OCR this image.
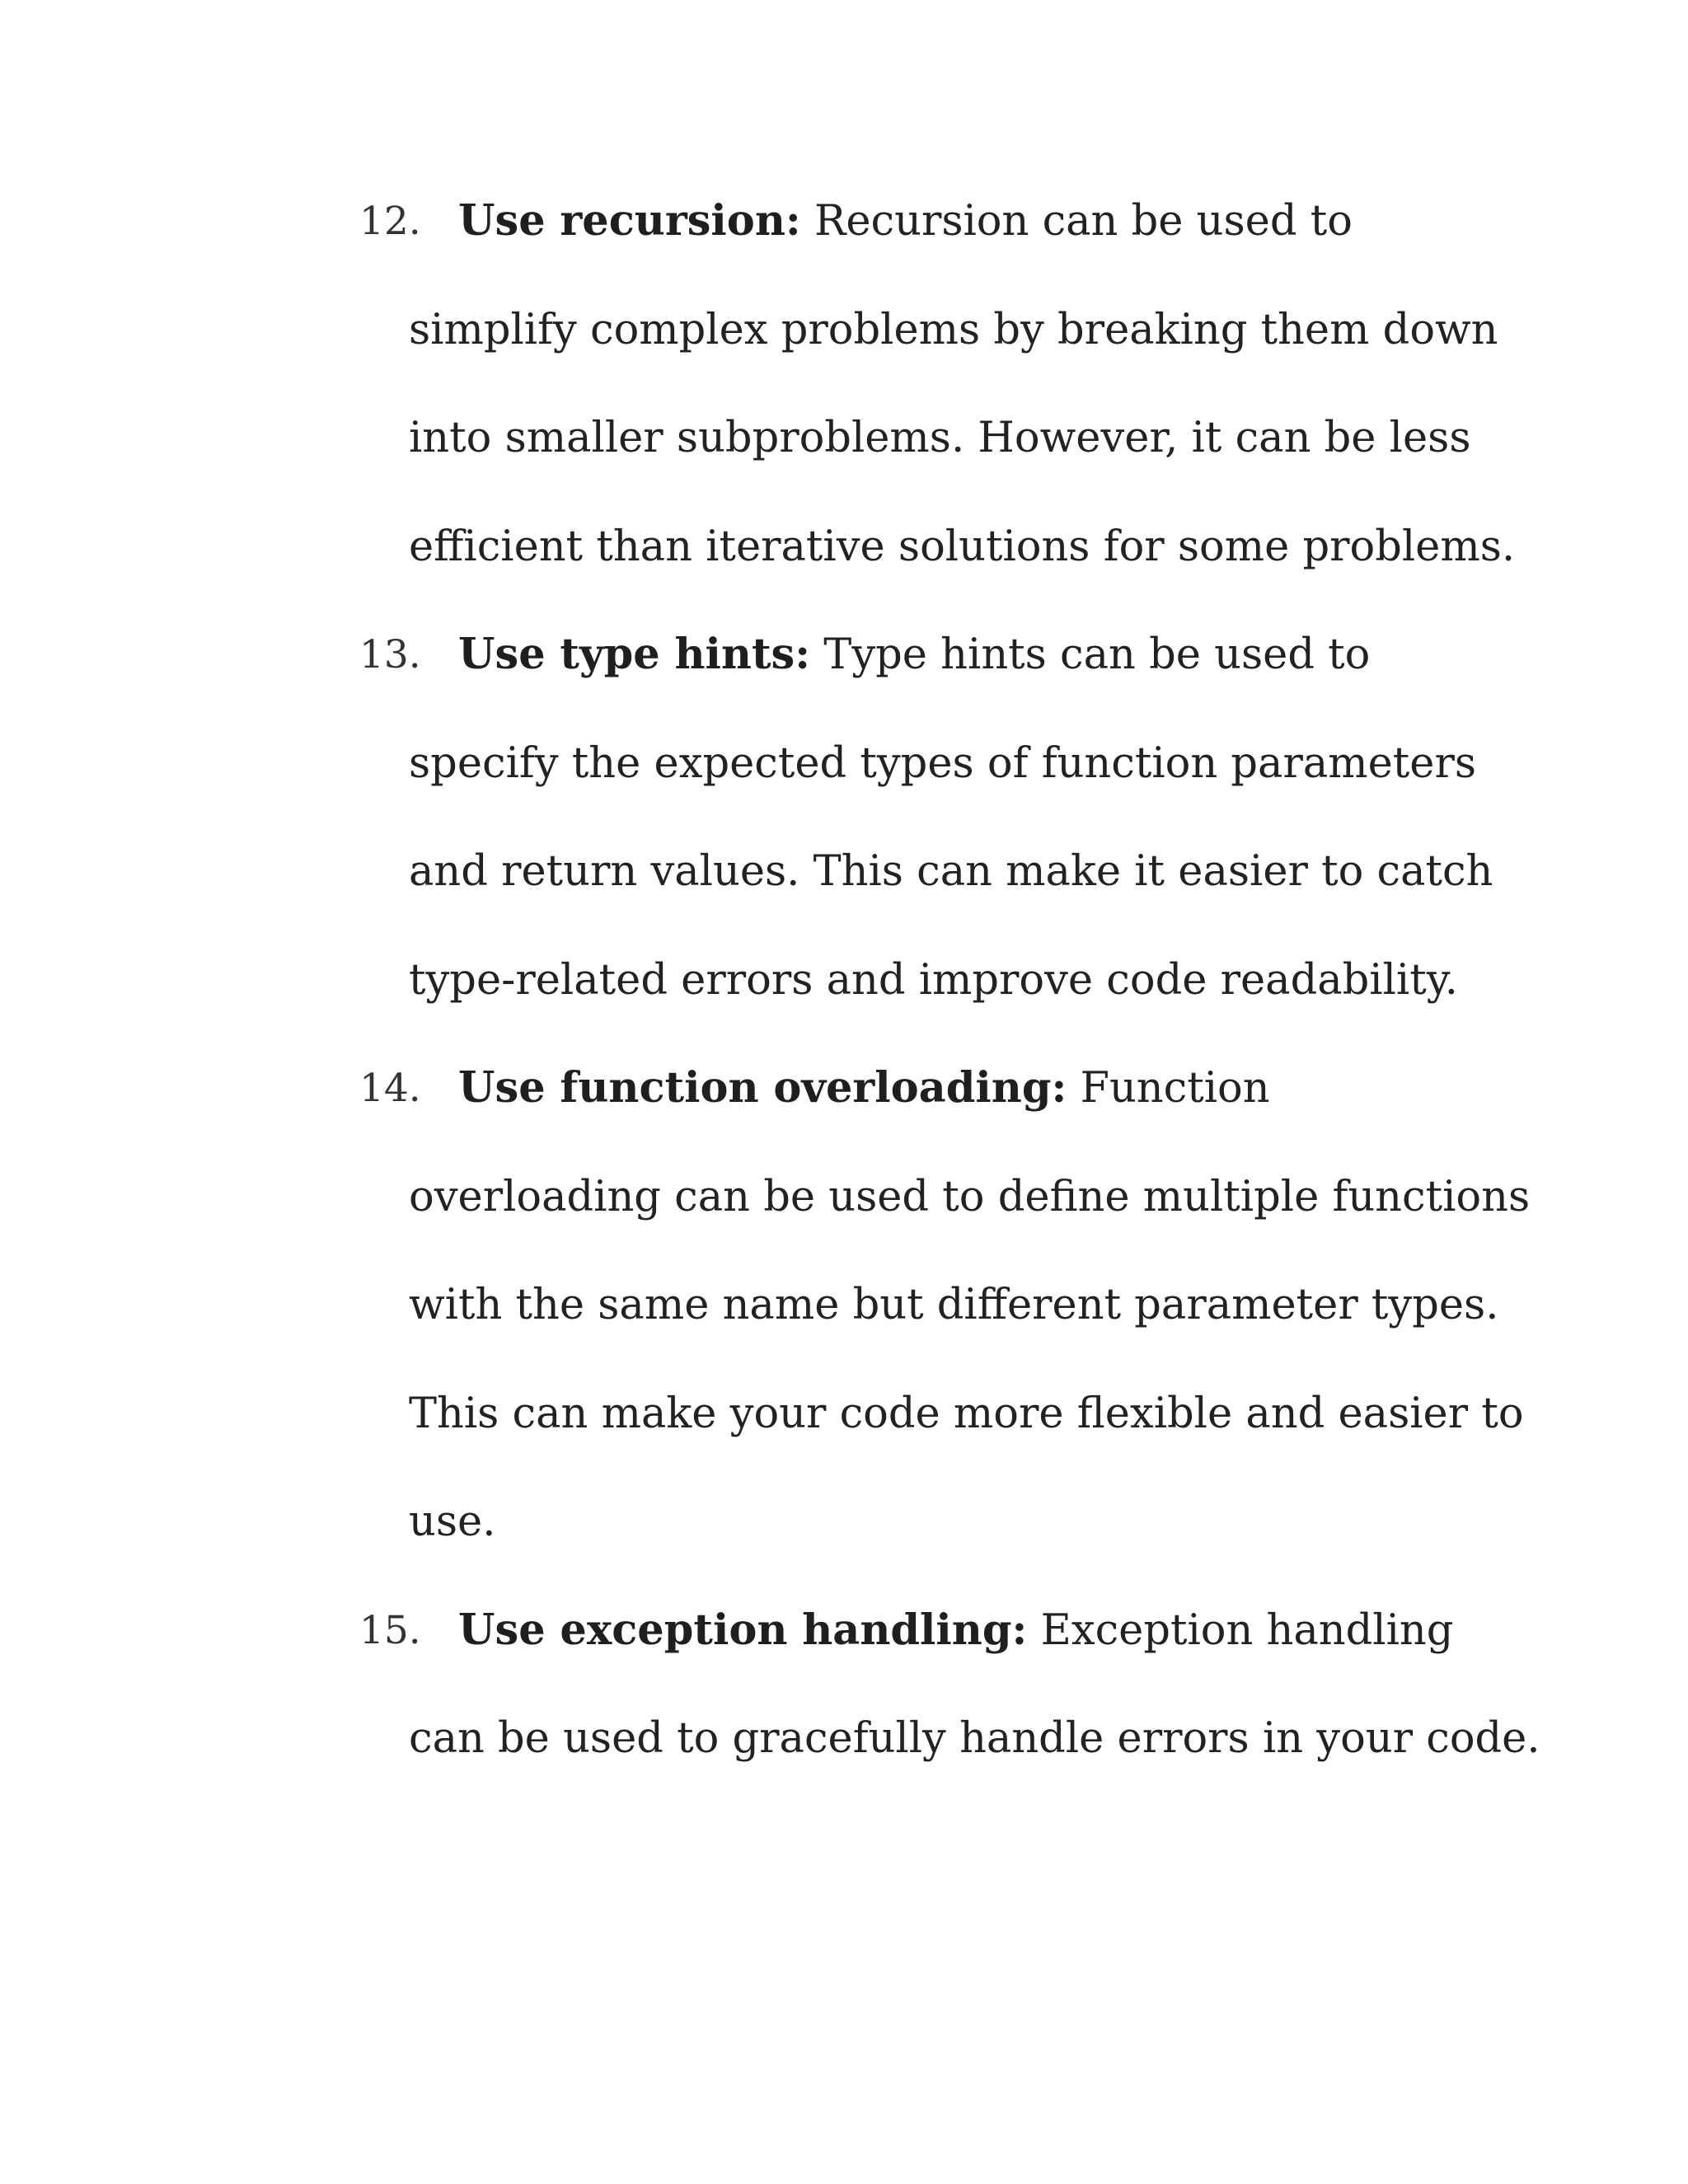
12. Use recursion: Recursion can be used to
simplify complex problems by breaking them down
into smaller subproblems. However, it can be less
efficient than iterative solutions for some problems.
13. Use type hints: Type hints can be used to
specify the expected types of function parameters
and return values. This can make it easier to catch
type-related errors and improve code readability.
14. Use function overloading: Function
overloading can be used to define multiple functions
with the same name but different parameter types.
This can make your code more flexible and easier to
use.
15. Use exception handling: Exception handling
can be used to gracefully handle errors in your code.
